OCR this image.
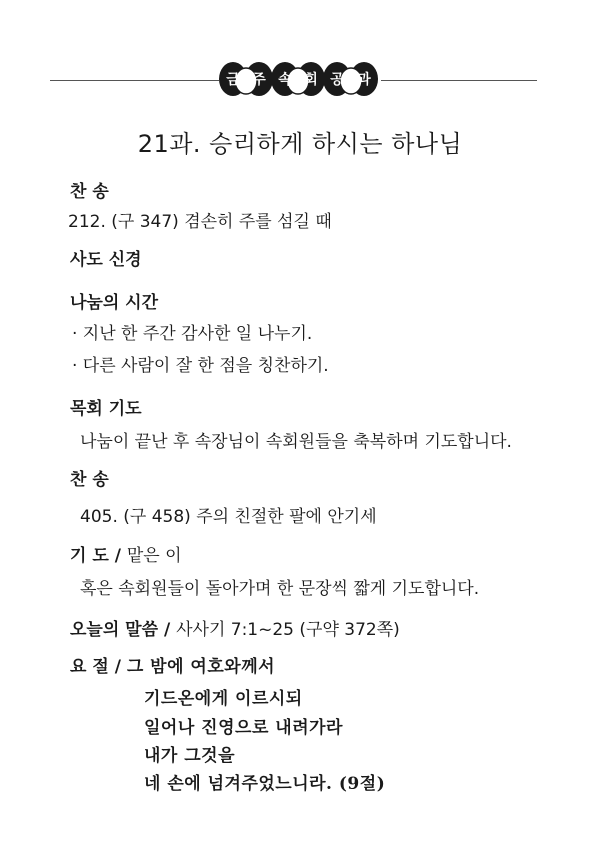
금 주 속 회 공 과
21과. 승리하게 하시는 하나님
찬 송
212. (구 347) 겸손히 주를 섬길 때
사도 신경
나눔의 시간
· 지난 한 주간 감사한 일 나누기.
· 다른 사람이 잘 한 점을 칭찬하기.
목회 기도
나눔이 끝난 후 속장님이 속회원들을 축복하며 기도합니다.
찬 송
405. (구 458) 주의 친절한 팔에 안기세
기 도 / 맡은 이
혹은 속회원들이 돌아가며 한 문장씩 짧게 기도합니다.
오늘의 말씀 / 사사기 7:1~25 (구약 372쪽)
요 절 / 그 밤에 여호와께서
기드온에게 이르시되
일어나 진영으로 내려가라
내가 그것을
네 손에 넘겨주었느니라. (9절)
